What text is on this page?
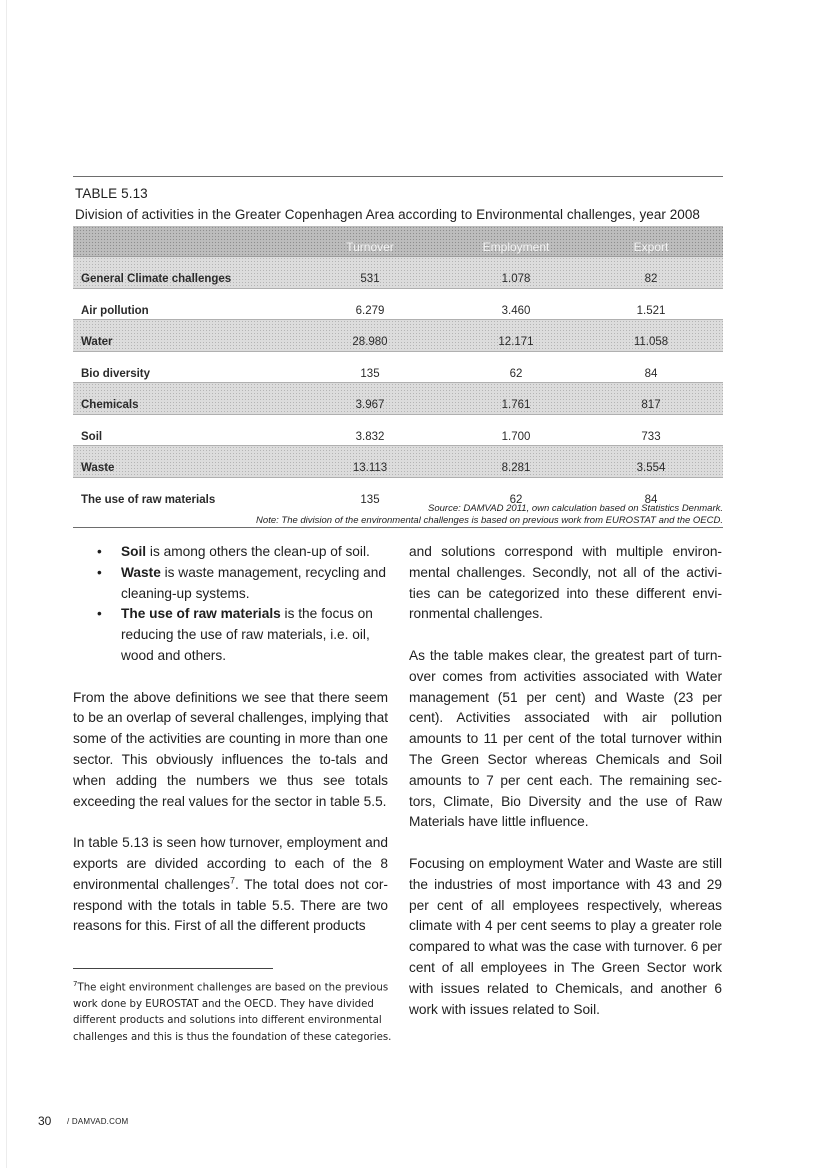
TABLE 5.13
Division of activities in the Greater Copenhagen Area according to Environmental challenges, year 2008
Turnover	Employment	Export
General Climate challenges	531	1.078	82
Air pollution	6.279	3.460	1.521
Water	28.980	12.171	11.058
Bio diversity	135	62	84
Chemicals	3.967	1.761	817
Soil	3.832	1.700	733
Waste	13.113	8.281	3.554
The use of raw materials	135	62	84
Source: DAMVAD 2011, own calculation based on Statistics Denmark.
Note: The division of the environmental challenges is based on previous work from EUROSTAT and the OECD.
• Soil is among others the clean-up of soil.
• Waste is waste management, recycling and cleaning-up systems.
• The use of raw materials is the focus on reducing the use of raw materials, i.e. oil, wood and others.

From the above definitions we see that there seem to be an overlap of several challenges, implying that some of the activities are counting in more than one sector. This obviously influences the to-tals and when adding the numbers we thus see totals exceeding the real values for the sector in table 5.5.

In table 5.13 is seen how turnover, employment and exports are divided according to each of the 8 environmental challenges$^7$. The total does not cor-respond with the totals in table 5.5. There are two reasons for this. First of all the different products

and solutions correspond with multiple environ-mental challenges. Secondly, not all of the activi-ties can be categorized into these different envi-ronmental challenges.

As the table makes clear, the greatest part of turn-over comes from activities associated with Water management (51 per cent) and Waste (23 per cent). Activities associated with air pollution amounts to 11 per cent of the total turnover within The Green Sector whereas Chemicals and Soil amounts to 7 per cent each. The remaining sec-tors, Climate, Bio Diversity and the use of Raw Materials have little influence.

Focusing on employment Water and Waste are still the industries of most importance with 43 and 29 per cent of all employees respectively, whereas climate with 4 per cent seems to play a greater role compared to what was the case with turnover. 6 per cent of all employees in The Green Sector work with issues related to Chemicals, and another 6 work with issues related to Soil.

$^7$The eight environment challenges are based on the previous work done by EUROSTAT and the OECD. They have divided different products and solutions into different environmental challenges and this is thus the foundation of these categories.
30 / DAMVAD.COM
